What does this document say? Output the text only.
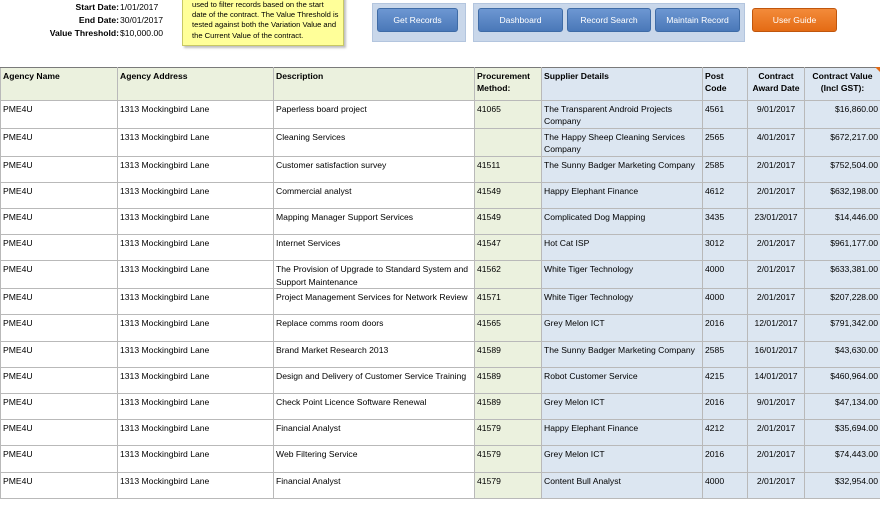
Start Date: 1/01/2017
End Date: 30/01/2017
Value Threshold: $10,000.00
used to filter records based on the start date of the contract. The Value Threshold is tested against both the Variation Value and the Current Value of the contract.
Get Records	Dashboard	Record Search	Maintain Record	User Guide
Agency Name	Agency Address	Description	Procurement Method:	Supplier Details	Post Code	Contract Award Date	Contract Value (Incl GST):
PME4U	1313 Mockingbird Lane	Paperless board project	41065	The Transparent Android Projects Company	4561	9/01/2017	$16,860.00
PME4U	1313 Mockingbird Lane	Cleaning Services		The Happy Sheep Cleaning Services Company	2565	4/01/2017	$672,217.00
PME4U	1313 Mockingbird Lane	Customer satisfaction survey	41511	The Sunny Badger Marketing Company	2585	2/01/2017	$752,504.00
PME4U	1313 Mockingbird Lane	Commercial analyst	41549	Happy Elephant Finance	4612	2/01/2017	$632,198.00
PME4U	1313 Mockingbird Lane	Mapping Manager Support Services	41549	Complicated Dog Mapping	3435	23/01/2017	$14,446.00
PME4U	1313 Mockingbird Lane	Internet Services	41547	Hot Cat ISP	3012	2/01/2017	$961,177.00
PME4U	1313 Mockingbird Lane	The Provision of Upgrade to Standard System and Support Maintenance	41562	White Tiger Technology	4000	2/01/2017	$633,381.00
PME4U	1313 Mockingbird Lane	Project Management Services for Network Review	41571	White Tiger Technology	4000	2/01/2017	$207,228.00
PME4U	1313 Mockingbird Lane	Replace comms room doors	41565	Grey Melon ICT	2016	12/01/2017	$791,342.00
PME4U	1313 Mockingbird Lane	Brand Market Research 2013	41589	The Sunny Badger Marketing Company	2585	16/01/2017	$43,630.00
PME4U	1313 Mockingbird Lane	Design and Delivery of Customer Service Training	41589	Robot Customer Service	4215	14/01/2017	$460,964.00
PME4U	1313 Mockingbird Lane	Check Point Licence Software Renewal	41589	Grey Melon ICT	2016	9/01/2017	$47,134.00
PME4U	1313 Mockingbird Lane	Financial Analyst	41579	Happy Elephant Finance	4212	2/01/2017	$35,694.00
PME4U	1313 Mockingbird Lane	Web Filtering Service	41579	Grey Melon ICT	2016	2/01/2017	$74,443.00
PME4U	1313 Mockingbird Lane	Financial Analyst	41579	Content Bull Analyst	4000	2/01/2017	$32,954.00
